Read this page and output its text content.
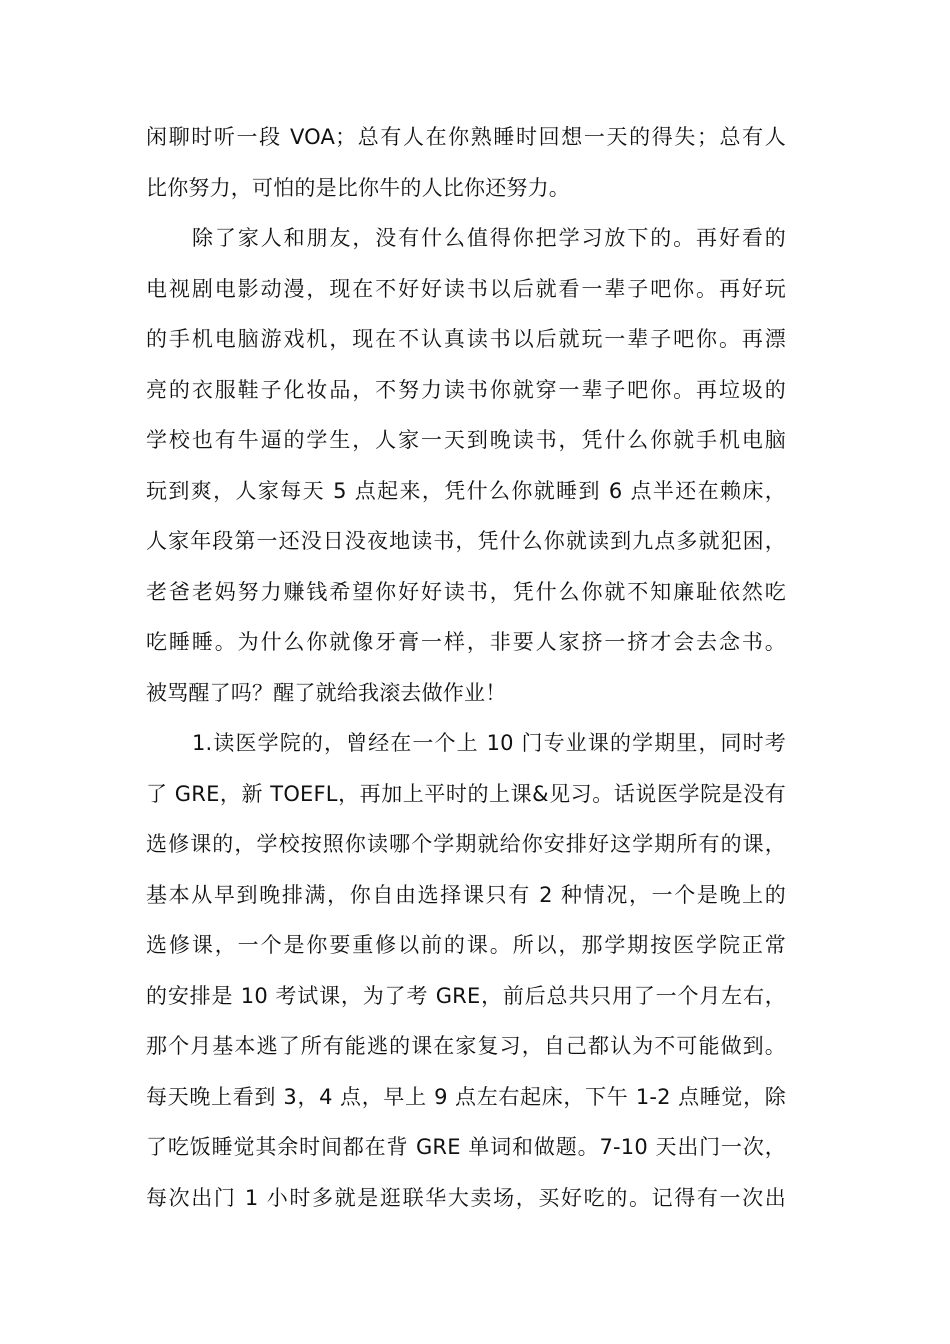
闲聊时听一段 VOA；总有人在你熟睡时回想一天的得失；总有人
比你努力，可怕的是比你牛的人比你还努力。
除了家人和朋友，没有什么值得你把学习放下的。再好看的
电视剧电影动漫，现在不好好读书以后就看一辈子吧你。再好玩
的手机电脑游戏机，现在不认真读书以后就玩一辈子吧你。再漂
亮的衣服鞋子化妆品，不努力读书你就穿一辈子吧你。再垃圾的
学校也有牛逼的学生，人家一天到晚读书，凭什么你就手机电脑
玩到爽，人家每天 5 点起来，凭什么你就睡到 6 点半还在赖床，
人家年段第一还没日没夜地读书，凭什么你就读到九点多就犯困，
老爸老妈努力赚钱希望你好好读书，凭什么你就不知廉耻依然吃
吃睡睡。为什么你就像牙膏一样，非要人家挤一挤才会去念书。
被骂醒了吗？醒了就给我滚去做作业！
1.读医学院的，曾经在一个上 10 门专业课的学期里，同时考
了 GRE，新 TOEFL，再加上平时的上课&见习。话说医学院是没有
选修课的，学校按照你读哪个学期就给你安排好这学期所有的课，
基本从早到晚排满，你自由选择课只有 2 种情况，一个是晚上的
选修课，一个是你要重修以前的课。所以，那学期按医学院正常
的安排是 10 考试课，为了考 GRE，前后总共只用了一个月左右，
那个月基本逃了所有能逃的课在家复习，自己都认为不可能做到。
每天晚上看到 3，4 点，早上 9 点左右起床，下午 1-2 点睡觉，除
了吃饭睡觉其余时间都在背 GRE 单词和做题。7-10 天出门一次，
每次出门 1 小时多就是逛联华大卖场，买好吃的。记得有一次出
